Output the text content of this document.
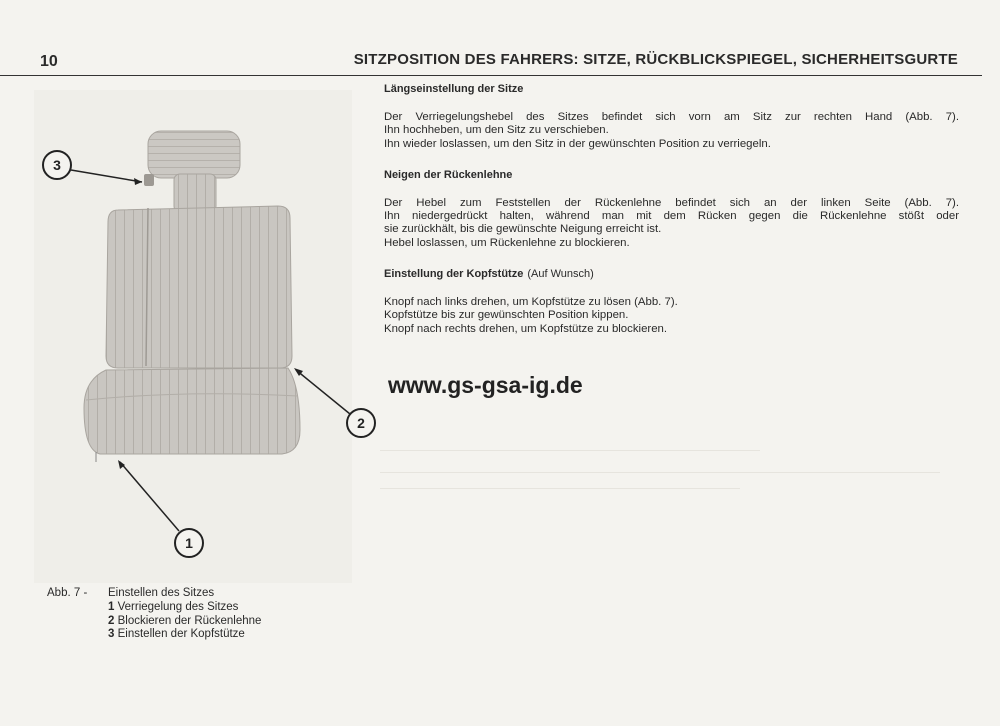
10	SITZPOSITION DES FAHRERS: SITZE, RÜCKBLICKSPIEGEL, SICHERHEITSGURTE
Längseinstellung der Sitze
Der Verriegelungshebel des Sitzes befindet sich vorn am Sitz zur rechten Hand (Abb. 7).
Ihn hochheben, um den Sitz zu verschieben.
Ihn wieder loslassen, um den Sitz in der gewünschten Position zu verriegeln.
Neigen der Rückenlehne
Der Hebel zum Feststellen der Rückenlehne befindet sich an der linken Seite (Abb. 7).
Ihn niedergedrückt halten, während man mit dem Rücken gegen die Rückenlehne stößt oder
sie zurückhält, bis die gewünschte Neigung erreicht ist.
Hebel loslassen, um Rückenlehne zu blockieren.
Einstellung der Kopfstütze (Auf Wunsch)
Knopf nach links drehen, um Kopfstütze zu lösen (Abb. 7).
Kopfstütze bis zur gewünschten Position kippen.
Knopf nach rechts drehen, um Kopfstütze zu blockieren.
www.gs-gsa-ig.de
3
2
1
Abb. 7 - Einstellen des Sitzes
1 Verriegelung des Sitzes
2 Blockieren der Rückenlehne
3 Einstellen der Kopfstütze
